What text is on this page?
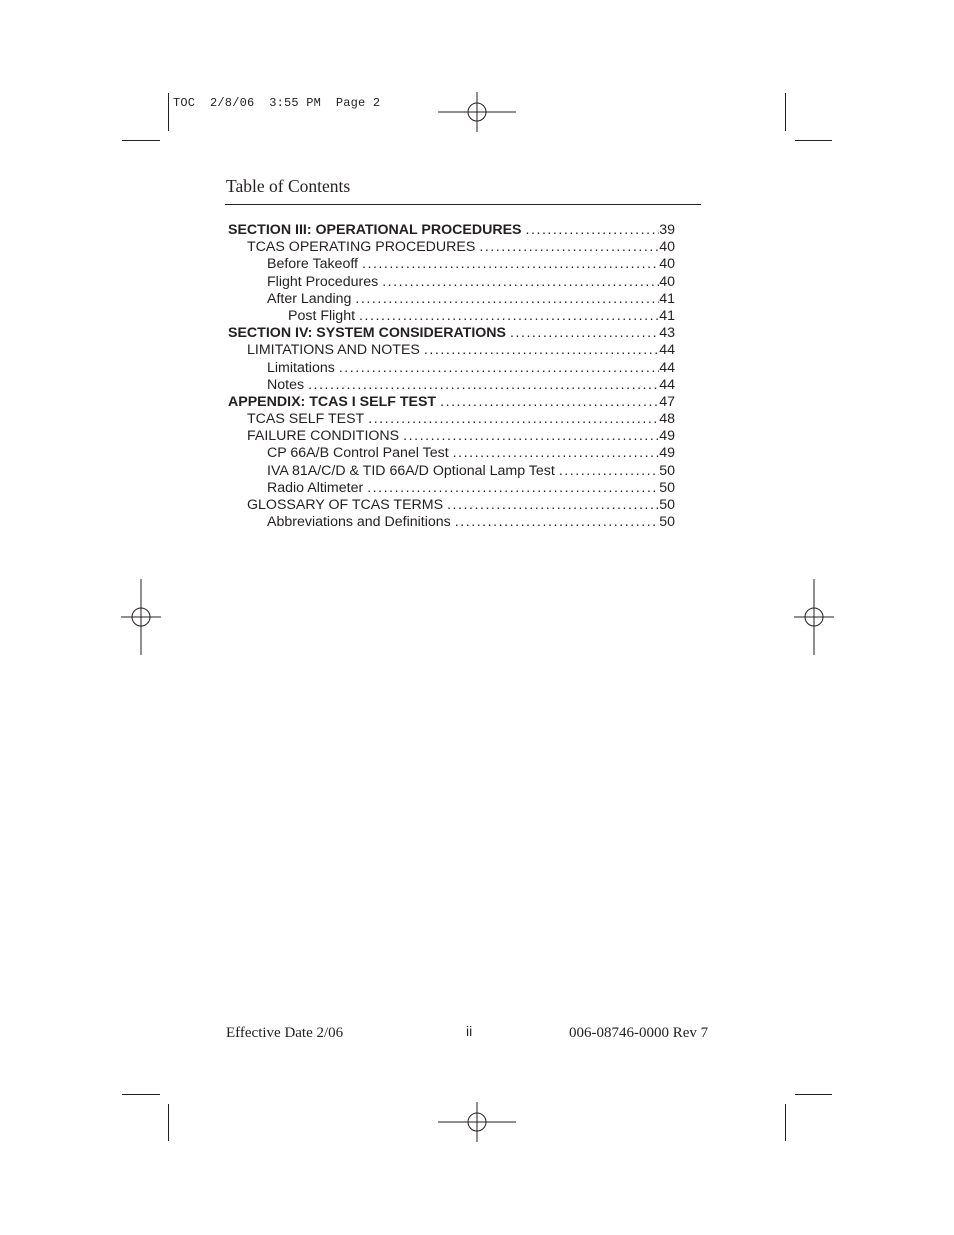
TOC  2/8/06  3:55 PM  Page 2
Table of Contents
SECTION III: OPERATIONAL PROCEDURES . . .	39
TCAS OPERATING PROCEDURES . . .	40
Before Takeoff . . .	40
Flight Procedures . . .	40
After Landing . . .	41
Post Flight . . .	41
SECTION IV: SYSTEM CONSIDERATIONS . . .	43
LIMITATIONS AND NOTES . . .	44
Limitations . . .	44
Notes . . .	44
APPENDIX: TCAS I SELF TEST . . .	47
TCAS SELF TEST . . .	48
FAILURE CONDITIONS . . .	49
CP 66A/B Control Panel Test . . .	49
IVA 81A/C/D & TID 66A/D Optional Lamp Test . . .	50
Radio Altimeter . . .	50
GLOSSARY OF TCAS TERMS . . .	50
Abbreviations and Definitions . . .	50
Effective Date 2/06	ii	006-08746-0000 Rev 7
